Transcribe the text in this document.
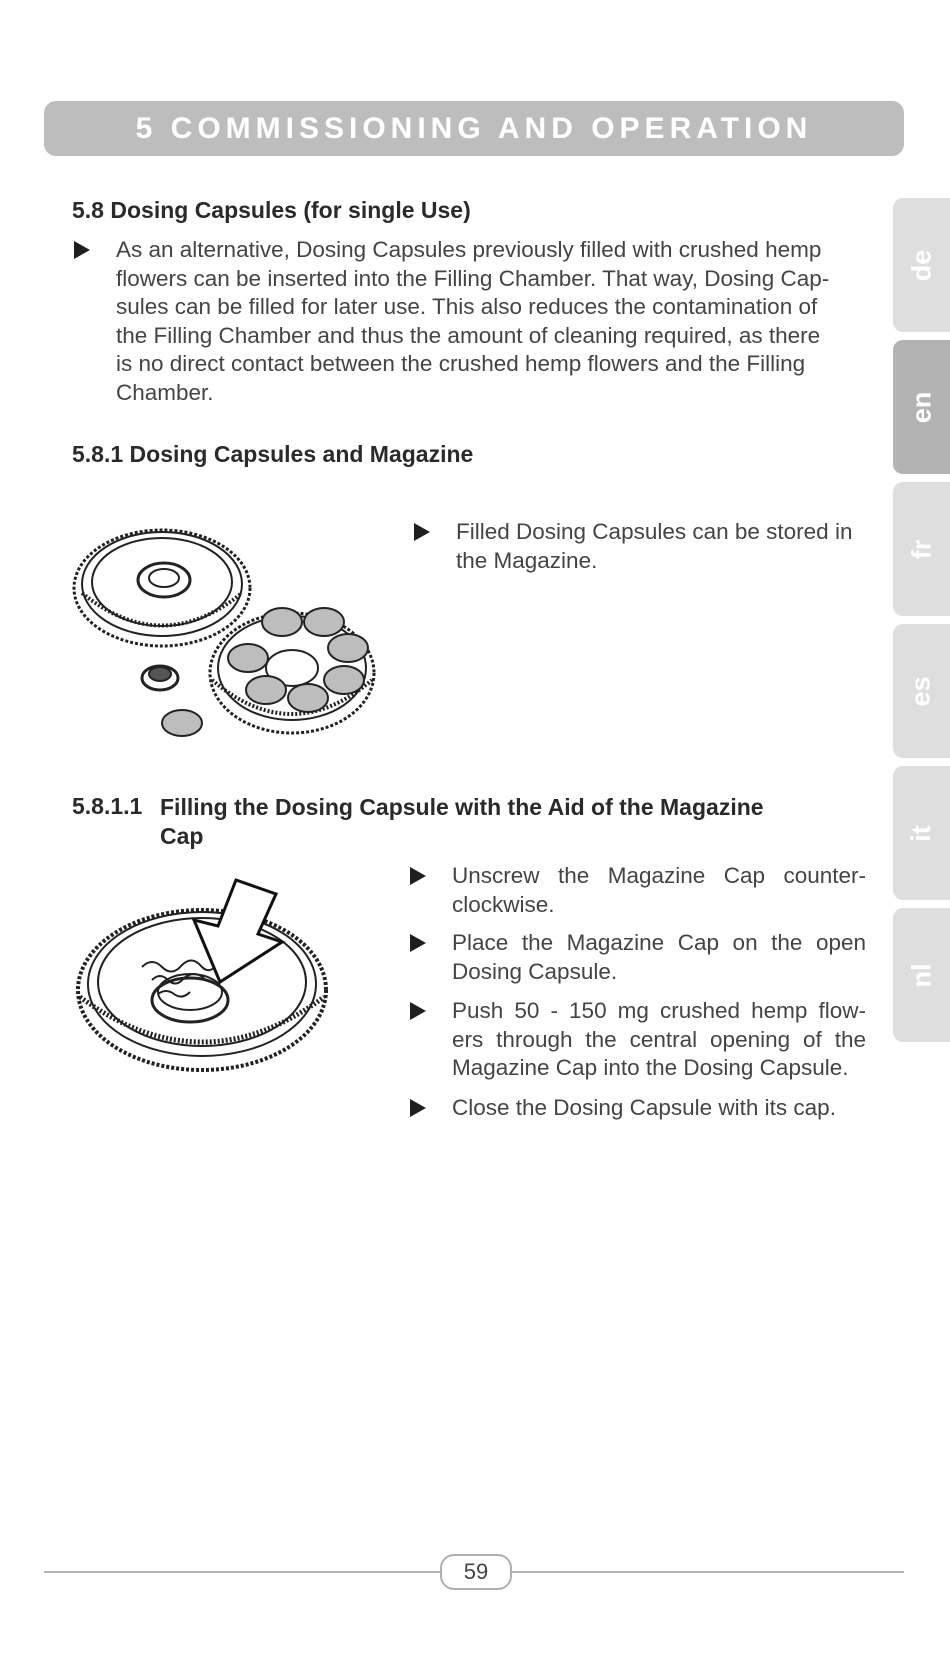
5 COMMISSIONING AND OPERATION
de
en
fr
es
it
nl
5.8 Dosing Capsules (for single Use)
As an alternative, Dosing Capsules previously filled with crushed hemp
flowers can be inserted into the Filling Chamber. That way, Dosing Cap-
sules can be filled for later use. This also reduces the contamination of
the Filling Chamber and thus the amount of cleaning required, as there
is no direct contact between the crushed hemp flowers and the Filling
Chamber.
5.8.1 Dosing Capsules and Magazine
Filled Dosing Capsules can be stored in
the Magazine.
5.8.1.1 Filling the Dosing Capsule with the Aid of the Magazine
Cap
Unscrew the Magazine Cap counter-
clockwise.
Place the Magazine Cap on the open
Dosing Capsule.
Push 50 - 150 mg crushed hemp flow-
ers through the central opening of the
Magazine Cap into the Dosing Capsule.
Close the Dosing Capsule with its cap.
59
